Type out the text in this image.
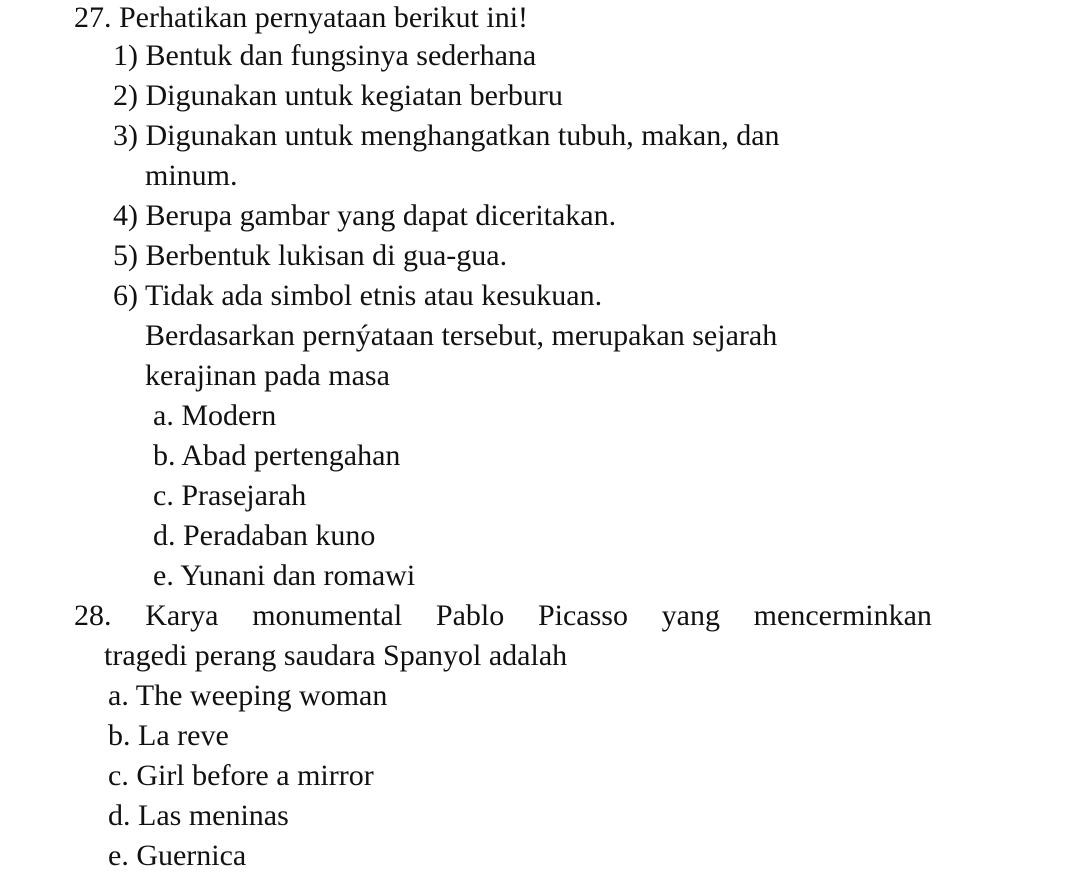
27. Perhatikan pernyataan berikut ini!
1) Bentuk dan fungsinya sederhana
2) Digunakan untuk kegiatan berburu
3) Digunakan untuk menghangatkan tubuh, makan, dan
minum.
4) Berupa gambar yang dapat diceritakan.
5) Berbentuk lukisan di gua-gua.
6) Tidak ada simbol etnis atau kesukuan.
Berdasarkan pernýataan tersebut, merupakan sejarah
kerajinan pada masa
a. Modern
b. Abad pertengahan
c. Prasejarah
d. Peradaban kuno
e. Yunani dan romawi
28. Karya monumental Pablo Picasso yang mencerminkan
tragedi perang saudara Spanyol adalah
a. The weeping woman
b. La reve
c. Girl before a mirror
d. Las meninas
e. Guernica
